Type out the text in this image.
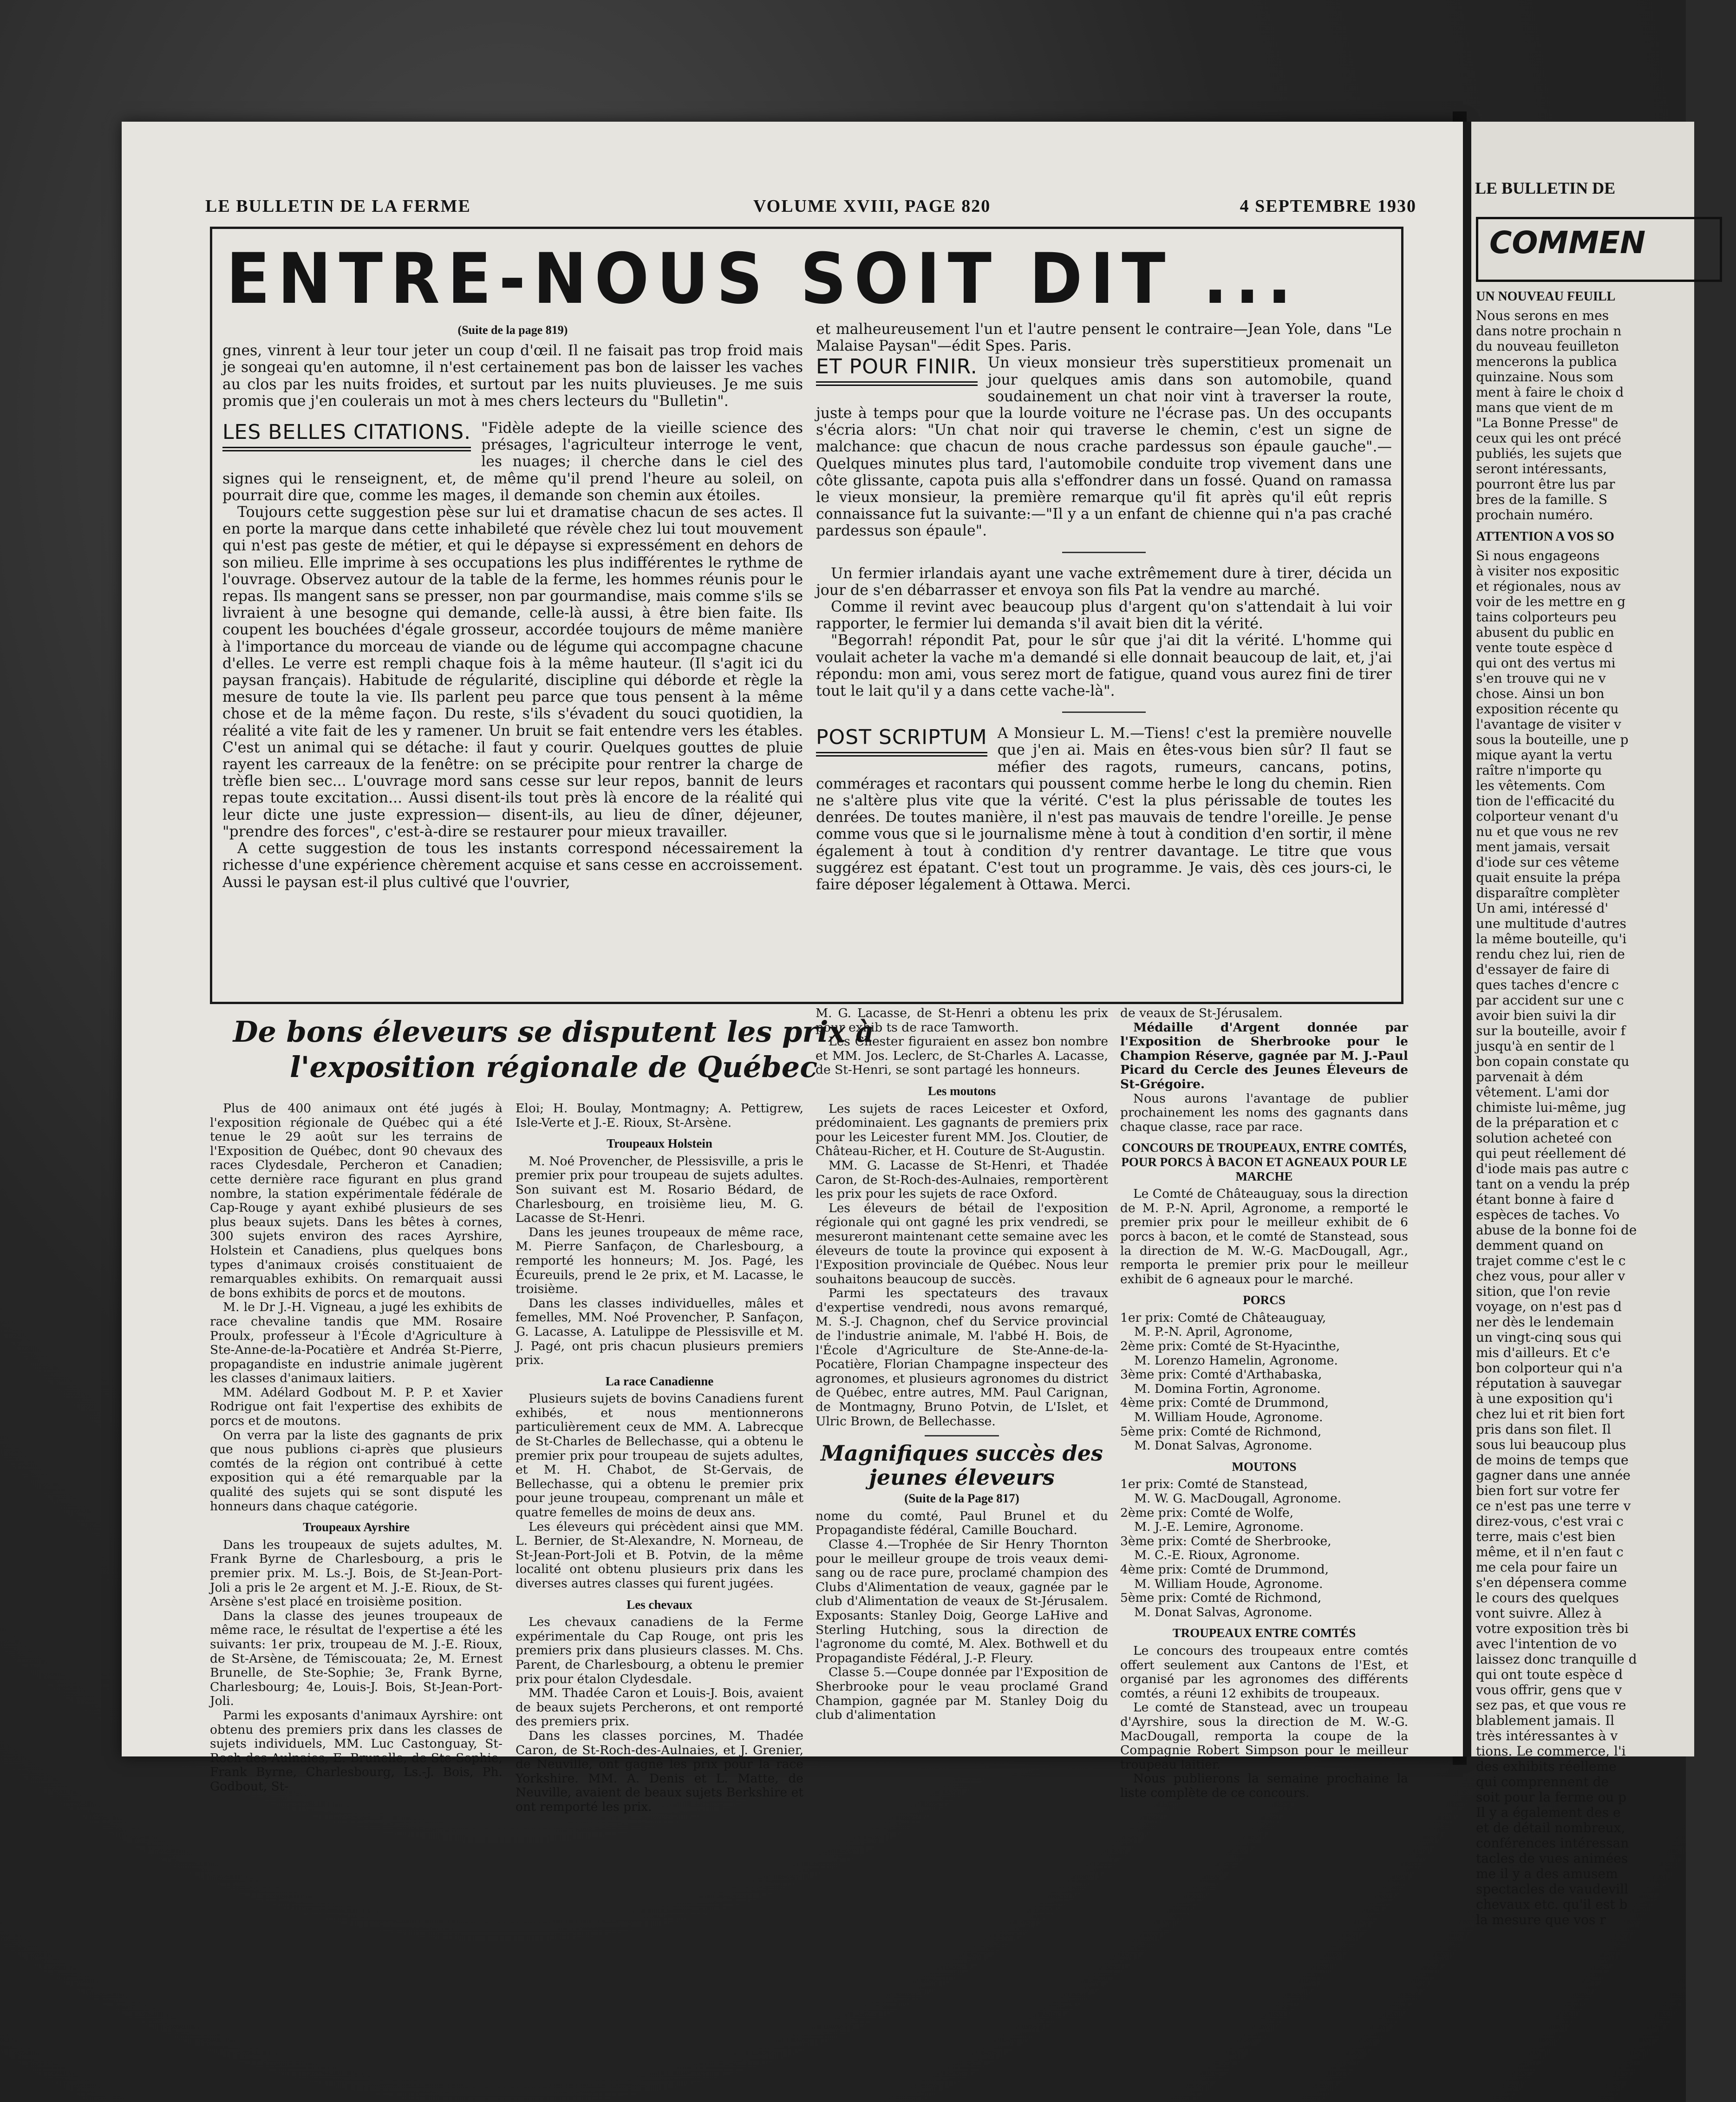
LE BULLETIN DE LA FERME	VOLUME XVIII, PAGE 820	4 SEPTEMBRE 1930
ENTRE-NOUS SOIT DIT ...
(Suite de la page 819)

gnes, vinrent à leur tour jeter un coup d'œil. Il ne faisait pas trop froid mais je songeai qu'en automne, il n'est certainement pas bon de laisser les vaches au clos par les nuits froides, et surtout par les nuits pluvieuses. Je me suis promis que j'en coulerais un mot à mes chers lecteurs du "Bulletin".

LES BELLES CITATIONS. "Fidèle adepte de la vieille science des présages, l'agriculteur interroge le vent, les nuages; il cherche dans le ciel des signes qui le renseignent, et, de même qu'il prend l'heure au soleil, on pourrait dire que, comme les mages, il demande son chemin aux étoiles.

Toujours cette suggestion pèse sur lui et dramatise chacun de ses actes. Il en porte la marque dans cette inhabileté que révèle chez lui tout mouvement qui n'est pas geste de métier, et qui le dépayse si expressément en dehors de son milieu. Elle imprime à ses occupations les plus indifférentes le rythme de l'ouvrage. Observez autour de la table de la ferme, les hommes réunis pour le repas. Ils mangent sans se presser, non par gourmandise, mais comme s'ils se livraient à une besogne qui demande, celle-là aussi, à être bien faite. Ils coupent les bouchées d'égale grosseur, accordée toujours de même manière à l'importance du morceau de viande ou de légume qui accompagne chacune d'elles. Le verre est rempli chaque fois à la même hauteur. (Il s'agit ici du paysan français). Habitude de régularité, discipline qui déborde et règle la mesure de toute la vie. Ils parlent peu parce que tous pensent à la même chose et de la même façon. Du reste, s'ils s'évadent du souci quotidien, la réalité a vite fait de les y ramener. Un bruit se fait entendre vers les étables. C'est un animal qui se détache: il faut y courir. Quelques gouttes de pluie rayent les carreaux de la fenêtre: on se précipite pour rentrer la charge de trèfle bien sec... L'ouvrage mord sans cesse sur leur repos, bannit de leurs repas toute excitation... Aussi disent-ils tout près là encore de la réalité qui leur dicte une juste expression— disent-ils, au lieu de dîner, déjeuner, "prendre des forces", c'est-à-dire se restaurer pour mieux travailler.

A cette suggestion de tous les instants correspond nécessairement la richesse d'une expérience chèrement acquise et sans cesse en accroissement. Aussi le paysan est-il plus cultivé que l'ouvrier,

et malheureusement l'un et l'autre pensent le contraire—Jean Yole, dans "Le Malaise Paysan"—édit Spes. Paris.

ET POUR FINIR. Un vieux monsieur très superstitieux promenait un jour quelques amis dans son automobile, quand soudainement un chat noir vint à traverser la route, juste à temps pour que la lourde voiture ne l'écrase pas. Un des occupants s'écria alors: "Un chat noir qui traverse le chemin, c'est un signe de malchance: que chacun de nous crache pardessus son épaule gauche".—Quelques minutes plus tard, l'automobile conduite trop vivement dans une côte glissante, capota puis alla s'effondrer dans un fossé. Quand on ramassa le vieux monsieur, la première remarque qu'il fit après qu'il eût repris connaissance fut la suivante:—"Il y a un enfant de chienne qui n'a pas craché pardessus son épaule".

Un fermier irlandais ayant une vache extrêmement dure à tirer, décida un jour de s'en débarrasser et envoya son fils Pat la vendre au marché.

Comme il revint avec beaucoup plus d'argent qu'on s'attendait à lui voir rapporter, le fermier lui demanda s'il avait bien dit la vérité.

"Begorrah! répondit Pat, pour le sûr que j'ai dit la vérité. L'homme qui voulait acheter la vache m'a demandé si elle donnait beaucoup de lait, et, j'ai répondu: mon ami, vous serez mort de fatigue, quand vous aurez fini de tirer tout le lait qu'il y a dans cette vache-là".

POST SCRIPTUM A Monsieur L. M.—Tiens! c'est la première nouvelle que j'en ai. Mais en êtes-vous bien sûr? Il faut se méfier des ragots, rumeurs, cancans, potins, commérages et racontars qui poussent comme herbe le long du chemin. Rien ne s'altère plus vite que la vérité. C'est la plus périssable de toutes les denrées. De toutes manière, il n'est pas mauvais de tendre l'oreille. Je pense comme vous que si le journalisme mène à tout à condition d'en sortir, il mène également à tout à condition d'y rentrer davantage. Le titre que vous suggérez est épatant. C'est tout un programme. Je vais, dès ces jours-ci, le faire déposer légalement à Ottawa. Merci.

De bons éleveurs se disputent les prix à l'exposition régionale de Québec

Plus de 400 animaux ont été jugés à l'exposition régionale de Québec qui a été tenue le 29 août sur les terrains de l'Exposition de Québec, dont 90 chevaux des races Clydesdale, Percheron et Canadien; cette dernière race figurant en plus grand nombre, la station expérimentale fédérale de Cap-Rouge y ayant exhibé plusieurs de ses plus beaux sujets. Dans les bêtes à cornes, 300 sujets environ des races Ayrshire, Holstein et Canadiens, plus quelques bons types d'animaux croisés constituaient de remarquables exhibits. On remarquait aussi de bons exhibits de porcs et de moutons.

M. le Dr J.-H. Vigneau, a jugé les exhibits de race chevaline tandis que MM. Rosaire Proulx, professeur à l'École d'Agriculture à Ste-Anne-de-la-Pocatière et Andréa St-Pierre, propagandiste en industrie animale jugèrent les classes d'animaux laitiers.

MM. Adélard Godbout M. P. P. et Xavier Rodrigue ont fait l'expertise des exhibits de porcs et de moutons.

On verra par la liste des gagnants de prix que nous publions ci-après que plusieurs comtés de la région ont contribué à cette exposition qui a été remarquable par la qualité des sujets qui se sont disputé les honneurs dans chaque catégorie.

Troupeaux Ayrshire

Dans les troupeaux de sujets adultes, M. Frank Byrne de Charlesbourg, a pris le premier prix. M. Ls.-J. Bois, de St-Jean-Port-Joli a pris le 2e argent et M. J.-E. Rioux, de St-Arsène s'est placé en troisième position.

Dans la classe des jeunes troupeaux de même race, le résultat de l'expertise a été les suivants: 1er prix, troupeau de M. J.-E. Rioux, de St-Arsène, de Témiscouata; 2e, M. Ernest Brunelle, de Ste-Sophie; 3e, Frank Byrne, Charlesbourg; 4e, Louis-J. Bois, St-Jean-Port-Joli.

Parmi les exposants d'animaux Ayrshire: ont obtenu des premiers prix dans les classes de sujets individuels, MM. Luc Castonguay, St-Roch-des-Aulnaies, E. Brunelle, de Ste-Sophie, Frank Byrne, Charlesbourg, Ls.-J. Bois, Ph. Godbout, St-

Eloi; H. Boulay, Montmagny; A. Pettigrew, Isle-Verte et J.-E. Rioux, St-Arsène.

Troupeaux Holstein

M. Noé Provencher, de Plessisville, a pris le premier prix pour troupeau de sujets adultes. Son suivant est M. Rosario Bédard, de Charlesbourg, en troisième lieu, M. G. Lacasse de St-Henri.

Dans les jeunes troupeaux de même race, M. Pierre Sanfaçon, de Charlesbourg, a remporté les honneurs; M. Jos. Pagé, les Écureuils, prend le 2e prix, et M. Lacasse, le troisième.

Dans les classes individuelles, mâles et femelles, MM. Noé Provencher, P. Sanfaçon, G. Lacasse, A. Latulippe de Plessisville et M. J. Pagé, ont pris chacun plusieurs premiers prix.

La race Canadienne

Plusieurs sujets de bovins Canadiens furent exhibés, et nous mentionnerons particulièrement ceux de MM. A. Labrecque de St-Charles de Bellechasse, qui a obtenu le premier prix pour troupeau de sujets adultes, et M. H. Chabot, de St-Gervais, de Bellechasse, qui a obtenu le premier prix pour jeune troupeau, comprenant un mâle et quatre femelles de moins de deux ans.

Les éleveurs qui précèdent ainsi que MM. L. Bernier, de St-Alexandre, N. Morneau, de St-Jean-Port-Joli et B. Potvin, de la même localité ont obtenu plusieurs prix dans les diverses autres classes qui furent jugées.

Les chevaux

Les chevaux canadiens de la Ferme expérimentale du Cap Rouge, ont pris les premiers prix dans plusieurs classes. M. Chs. Parent, de Charlesbourg, a obtenu le premier prix pour étalon Clydesdale.

MM. Thadée Caron et Louis-J. Bois, avaient de beaux sujets Percherons, et ont remporté des premiers prix.

Dans les classes porcines, M. Thadée Caron, de St-Roch-des-Aulnaies, et J. Grenier, de Neuville, ont gagné les prix pour la race Yorkshire. MM. A. Denis et L. Matte, de Neuville, avaient de beaux sujets Berkshire et ont remporté les prix.

M. G. Lacasse, de St-Henri a obtenu les prix pour exhib ts de race Tamworth.

Les Chester figuraient en assez bon nombre et MM. Jos. Leclerc, de St-Charles A. Lacasse, de St-Henri, se sont partagé les honneurs.

Les moutons

Les sujets de races Leicester et Oxford, prédominaient. Les gagnants de premiers prix pour les Leicester furent MM. Jos. Cloutier, de Château-Richer, et H. Couture de St-Augustin.

MM. G. Lacasse de St-Henri, et Thadée Caron, de St-Roch-des-Aulnaies, remportèrent les prix pour les sujets de race Oxford.

Les éleveurs de bétail de l'exposition régionale qui ont gagné les prix vendredi, se mesureront maintenant cette semaine avec les éleveurs de toute la province qui exposent à l'Exposition provinciale de Québec. Nous leur souhaitons beaucoup de succès.

Parmi les spectateurs des travaux d'expertise vendredi, nous avons remarqué, M. S.-J. Chagnon, chef du Service provincial de l'industrie animale, M. l'abbé H. Bois, de l'École d'Agriculture de Ste-Anne-de-la-Pocatière, Florian Champagne inspecteur des agronomes, et plusieurs agronomes du district de Québec, entre autres, MM. Paul Carignan, de Montmagny, Bruno Potvin, de L'Islet, et Ulric Brown, de Bellechasse.

Magnifiques succès des jeunes éleveurs
(Suite de la Page 817)

nome du comté, Paul Brunel et du Propagandiste fédéral, Camille Bouchard.

Classe 4.—Trophée de Sir Henry Thornton pour le meilleur groupe de trois veaux demi-sang ou de race pure, proclamé champion des Clubs d'Alimentation de veaux, gagnée par le club d'Alimentation de veaux de St-Jérusalem. Exposants: Stanley Doig, George LaHive and Sterling Hutching, sous la direction de l'agronome du comté, M. Alex. Bothwell et du Propagandiste Fédéral, J.-P. Fleury.

Classe 5.—Coupe donnée par l'Exposition de Sherbrooke pour le veau proclamé Grand Champion, gagnée par M. Stanley Doig du club d'alimentation

de veaux de St-Jérusalem.

Médaille d'Argent donnée par l'Exposition de Sherbrooke pour le Champion Réserve, gagnée par M. J.-Paul Picard du Cercle des Jeunes Éleveurs de St-Grégoire.

Nous aurons l'avantage de publier prochainement les noms des gagnants dans chaque classe, race par race.

CONCOURS DE TROUPEAUX, ENTRE COMTÉS, POUR PORCS À BACON ET AGNEAUX POUR LE MARCHE

Le Comté de Châteauguay, sous la direction de M. P.-N. April, Agronome, a remporté le premier prix pour le meilleur exhibit de 6 porcs à bacon, et le comté de Stanstead, sous la direction de M. W.-G. MacDougall, Agr., remporta le premier prix pour le meilleur exhibit de 6 agneaux pour le marché.

PORCS
1er prix: Comté de Châteauguay,
M. P.-N. April, Agronome,
2ème prix: Comté de St-Hyacinthe,
M. Lorenzo Hamelin, Agronome.
3ème prix: Comté d'Arthabaska,
M. Domina Fortin, Agronome.
4ème prix: Comté de Drummond,
M. William Houde, Agronome.
5ème prix: Comté de Richmond,
M. Donat Salvas, Agronome.
MOUTONS
1er prix: Comté de Stanstead,
M. W. G. MacDougall, Agronome.
2ème prix: Comté de Wolfe,
M. J.-E. Lemire, Agronome.
3ème prix: Comté de Sherbrooke,
M. C.-E. Rioux, Agronome.
4ème prix: Comté de Drummond,
M. William Houde, Agronome.
5ème prix: Comté de Richmond,
M. Donat Salvas, Agronome.
TROUPEAUX ENTRE COMTÉS

Le concours des troupeaux entre comtés offert seulement aux Cantons de l'Est, et organisé par les agronomes des différents comtés, a réuni 12 exhibits de troupeaux.

Le comté de Stanstead, avec un troupeau d'Ayrshire, sous la direction de M. W.-G. MacDougall, remporta la coupe de la Compagnie Robert Simpson pour le meilleur troupeau laitier.

Nous publierons la semaine prochaine la liste complète de ce concours.

LE BULLETIN DE
COMMEN
UN NOUVEAU FEUILL
Nous serons en mes
dans notre prochain n
du nouveau feuilleton
mencerons la publica
quinzaine. Nous som
ment à faire le choix d
mans que vient de m
"La Bonne Presse" de
ceux qui les ont précé
publiés, les sujets que
seront intéressants,
pourront être lus par
bres de la famille. S
prochain numéro.
ATTENTION A VOS SO
Si nous engageons
à visiter nos expositic
et régionales, nous av
voir de les mettre en g
tains colporteurs peu
abusent du public en
vente toute espèce d
qui ont des vertus mi
s'en trouve qui ne v
chose. Ainsi un bon
exposition récente qu
l'avantage de visiter v
sous la bouteille, une p
mique ayant la vertu
raître n'importe qu
les vêtements. Com
tion de l'efficacité du
colporteur venant d'u
nu et que vous ne rev
ment jamais, versait
d'iode sur ces vêteme
quait ensuite la prépa
disparaître complèter
Un ami, intéressé d'
une multitude d'autres
la même bouteille, qu'i
rendu chez lui, rien de
d'essayer de faire di
ques taches d'encre c
par accident sur une c
avoir bien suivi la dir
sur la bouteille, avoir f
jusqu'à en sentir de l
bon copain constate qu
parvenait à dém
vêtement. L'ami dor
chimiste lui-même, jug
de la préparation et c
solution acheteé con
qui peut réellement dé
d'iode mais pas autre c
tant on a vendu la prép
étant bonne à faire d
espèces de taches. Vo
abuse de la bonne foi de
demment quand on
trajet comme c'est le c
chez vous, pour aller v
sition, que l'on revie
voyage, on n'est pas d
ner dès le lendemain
un vingt-cinq sous qui
mis d'ailleurs. Et c'e
bon colporteur qui n'a
réputation à sauvegar
à une exposition qu'i
chez lui et rit bien fort
pris dans son filet. Il
sous lui beaucoup plus
de moins de temps que
gagner dans une année
bien fort sur votre fer
ce n'est pas une terre v
direz-vous, c'est vrai c
terre, mais c'est bien
même, et il n'en faut c
me cela pour faire un
s'en dépensera comme
le cours des quelques
vont suivre. Allez à
votre exposition très bi
avec l'intention de vo
laissez donc tranquille d
qui ont toute espèce d
vous offrir, gens que v
sez pas, et que vous re
blablement jamais. Il
très intéressantes à v
tions. Le commerce, l'i
des exhibits réelleme
qui comprennent de
soit pour la ferme ou p
Il y a également des e
et de détail nombreux,
conférences intéressan
tacles de vues animées
me il y a des amusem
spectacles de vaudevill
chevaux etc. qu'il est b
la mesure que vos r
